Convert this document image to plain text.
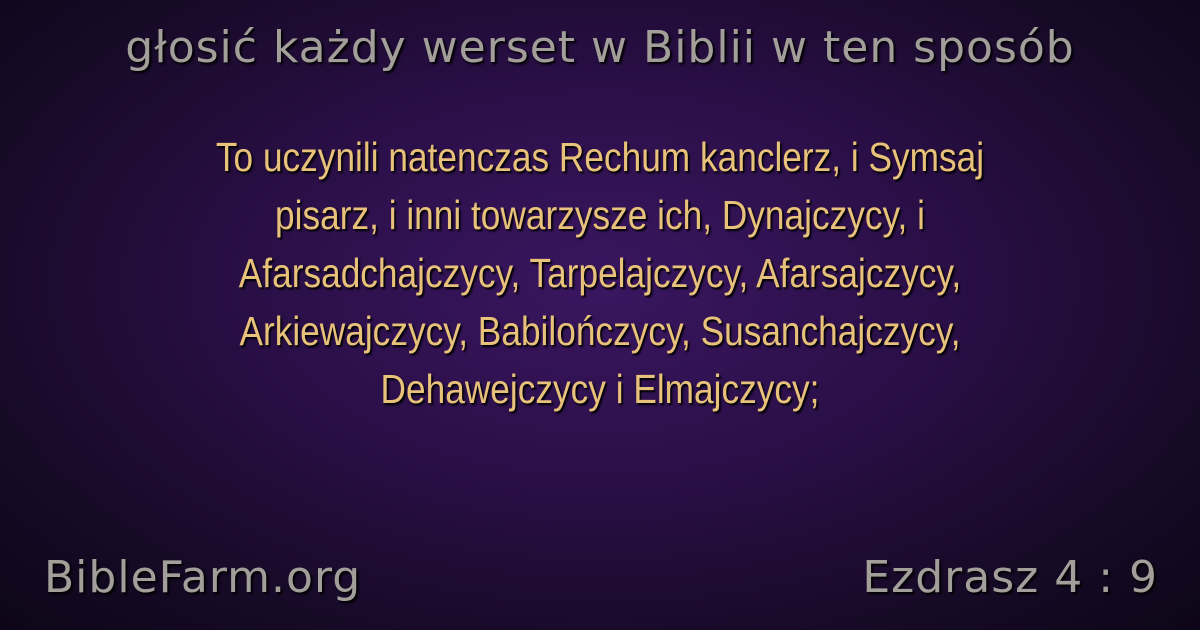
głosić każdy werset w Biblii w ten sposób
To uczynili natenczas Rechum kanclerz, i Symsaj
pisarz, i inni towarzysze ich, Dynajczycy, i
Afarsadchajczycy, Tarpelajczycy, Afarsajczycy,
Arkiewajczycy, Babilończycy, Susanchajczycy,
Dehawejczycy i Elmajczycy;
BibleFarm.org	Ezdrasz 4 : 9
